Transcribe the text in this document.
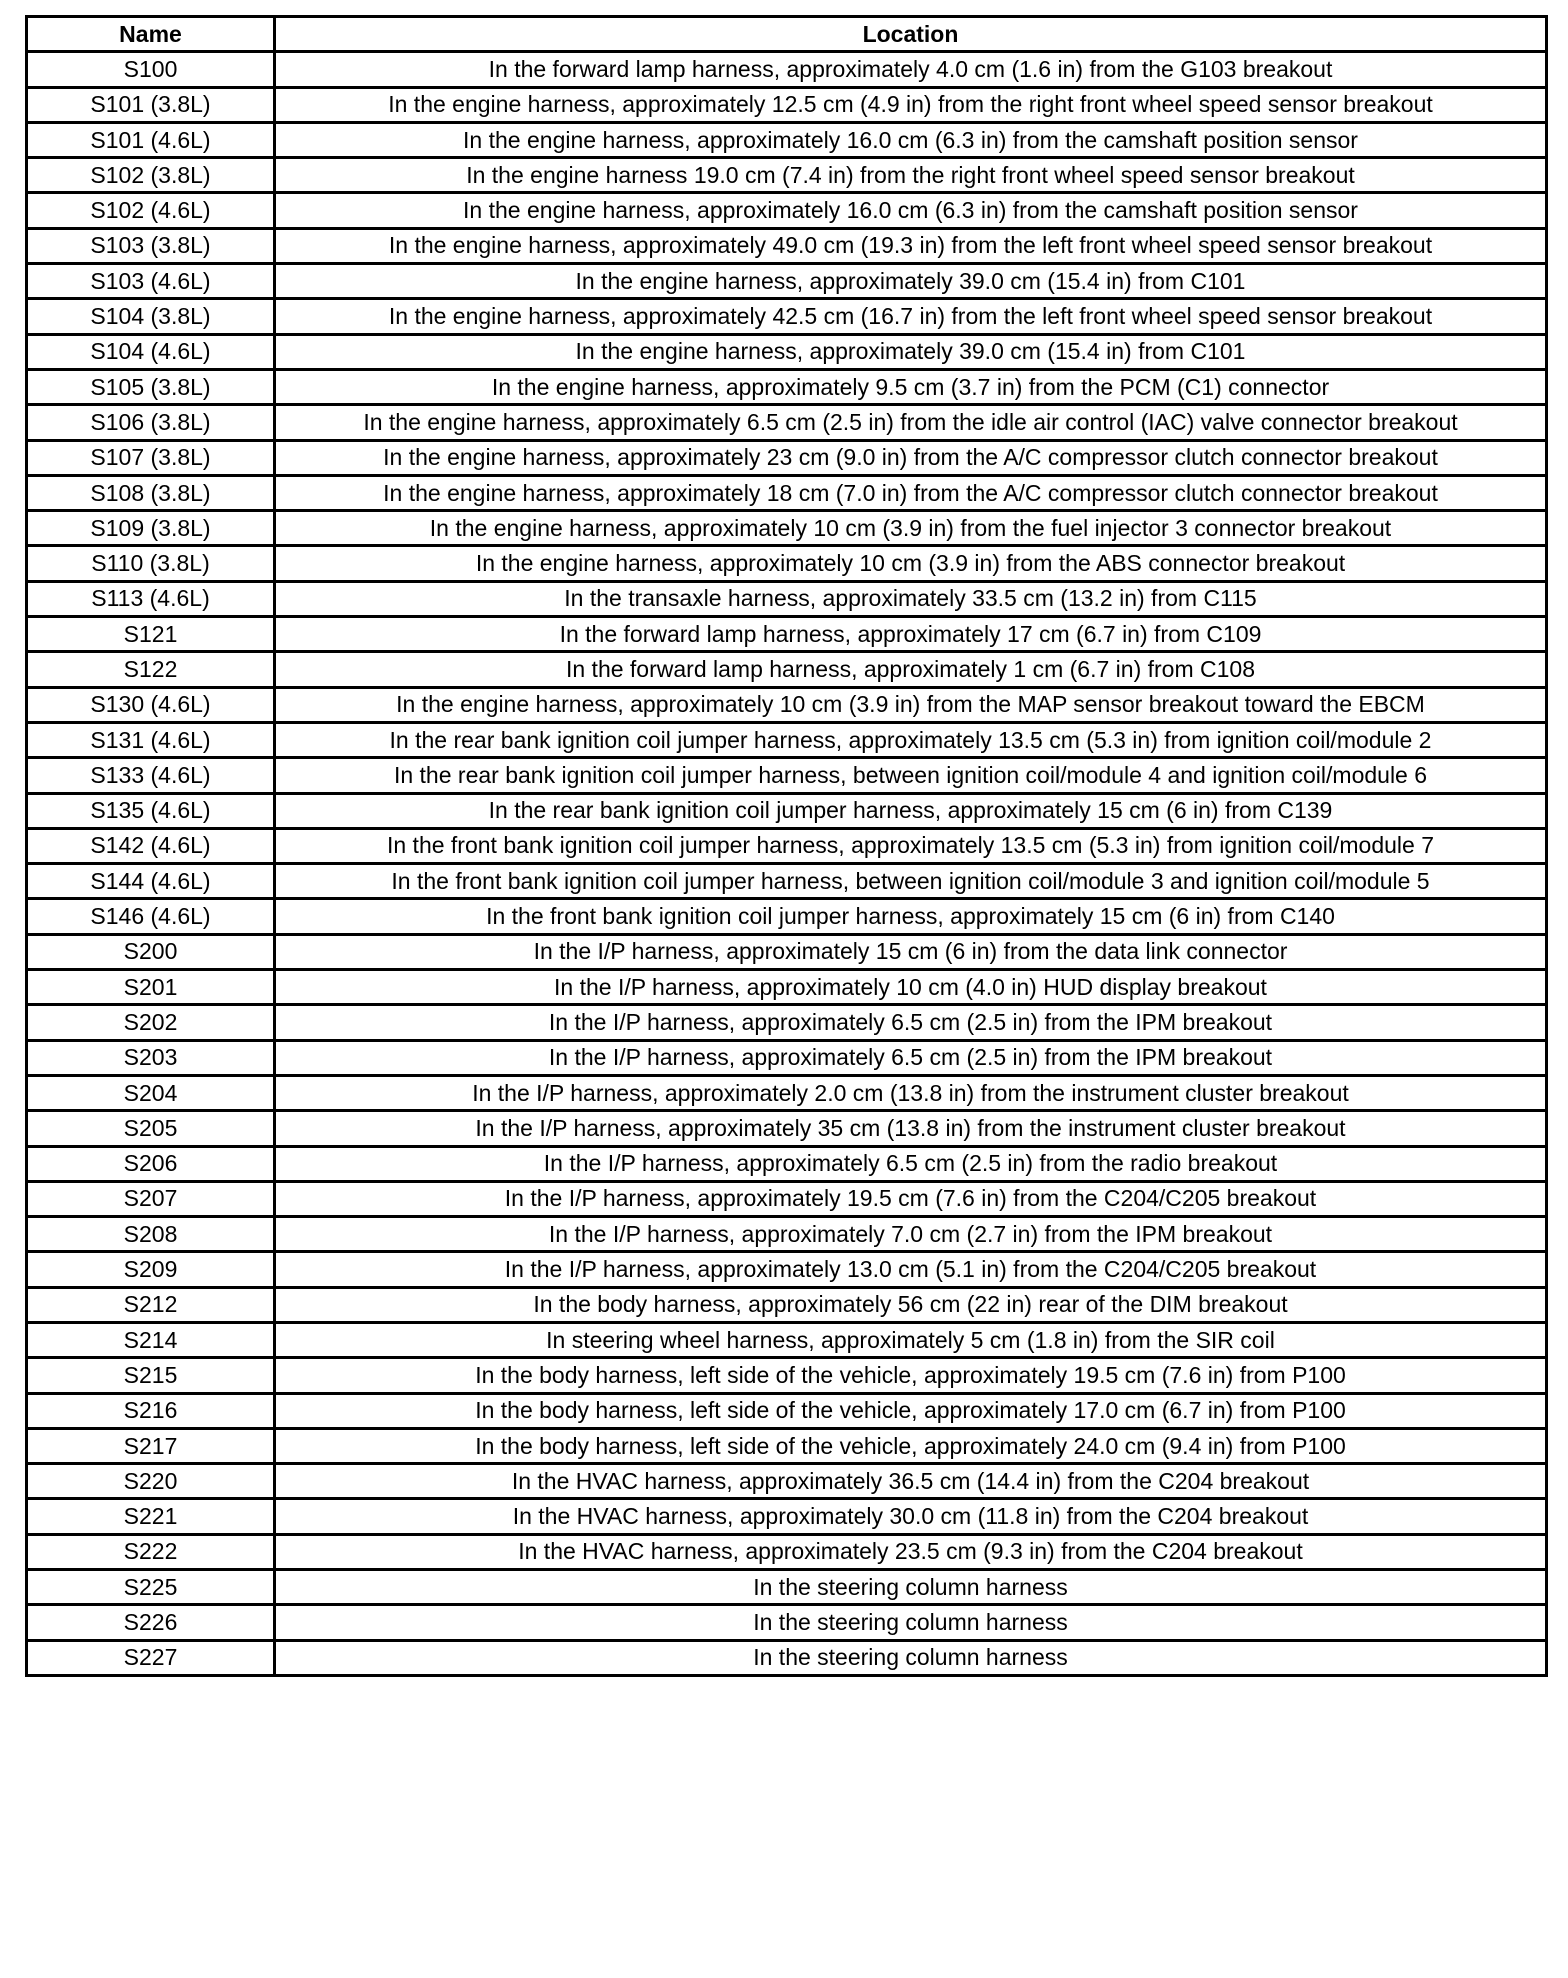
Name	Location
S100	In the forward lamp harness, approximately 4.0 cm (1.6 in) from the G103 breakout
S101 (3.8L)	In the engine harness, approximately 12.5 cm (4.9 in) from the right front wheel speed sensor breakout
S101 (4.6L)	In the engine harness, approximately 16.0 cm (6.3 in) from the camshaft position sensor
S102 (3.8L)	In the engine harness 19.0 cm (7.4 in) from the right front wheel speed sensor breakout
S102 (4.6L)	In the engine harness, approximately 16.0 cm (6.3 in) from the camshaft position sensor
S103 (3.8L)	In the engine harness, approximately 49.0 cm (19.3 in) from the left front wheel speed sensor breakout
S103 (4.6L)	In the engine harness, approximately 39.0 cm (15.4 in) from C101
S104 (3.8L)	In the engine harness, approximately 42.5 cm (16.7 in) from the left front wheel speed sensor breakout
S104 (4.6L)	In the engine harness, approximately 39.0 cm (15.4 in) from C101
S105 (3.8L)	In the engine harness, approximately 9.5 cm (3.7 in) from the PCM (C1) connector
S106 (3.8L)	In the engine harness, approximately 6.5 cm (2.5 in) from the idle air control (IAC) valve connector breakout
S107 (3.8L)	In the engine harness, approximately 23 cm (9.0 in) from the A/C compressor clutch connector breakout
S108 (3.8L)	In the engine harness, approximately 18 cm (7.0 in) from the A/C compressor clutch connector breakout
S109 (3.8L)	In the engine harness, approximately 10 cm (3.9 in) from the fuel injector 3 connector breakout
S110 (3.8L)	In the engine harness, approximately 10 cm (3.9 in) from the ABS connector breakout
S113 (4.6L)	In the transaxle harness, approximately 33.5 cm (13.2 in) from C115
S121	In the forward lamp harness, approximately 17 cm (6.7 in) from C109
S122	In the forward lamp harness, approximately 1 cm (6.7 in) from C108
S130 (4.6L)	In the engine harness, approximately 10 cm (3.9 in) from the MAP sensor breakout toward the EBCM
S131 (4.6L)	In the rear bank ignition coil jumper harness, approximately 13.5 cm (5.3 in) from ignition coil/module 2
S133 (4.6L)	In the rear bank ignition coil jumper harness, between ignition coil/module 4 and ignition coil/module 6
S135 (4.6L)	In the rear bank ignition coil jumper harness, approximately 15 cm (6 in) from C139
S142 (4.6L)	In the front bank ignition coil jumper harness, approximately 13.5 cm (5.3 in) from ignition coil/module 7
S144 (4.6L)	In the front bank ignition coil jumper harness, between ignition coil/module 3 and ignition coil/module 5
S146 (4.6L)	In the front bank ignition coil jumper harness, approximately 15 cm (6 in) from C140
S200	In the I/P harness, approximately 15 cm (6 in) from the data link connector
S201	In the I/P harness, approximately 10 cm (4.0 in) HUD display breakout
S202	In the I/P harness, approximately 6.5 cm (2.5 in) from the IPM breakout
S203	In the I/P harness, approximately 6.5 cm (2.5 in) from the IPM breakout
S204	In the I/P harness, approximately 2.0 cm (13.8 in) from the instrument cluster breakout
S205	In the I/P harness, approximately 35 cm (13.8 in) from the instrument cluster breakout
S206	In the I/P harness, approximately 6.5 cm (2.5 in) from the radio breakout
S207	In the I/P harness, approximately 19.5 cm (7.6 in) from the C204/C205 breakout
S208	In the I/P harness, approximately 7.0 cm (2.7 in) from the IPM breakout
S209	In the I/P harness, approximately 13.0 cm (5.1 in) from the C204/C205 breakout
S212	In the body harness, approximately 56 cm (22 in) rear of the DIM breakout
S214	In steering wheel harness, approximately 5 cm (1.8 in) from the SIR coil
S215	In the body harness, left side of the vehicle, approximately 19.5 cm (7.6 in) from P100
S216	In the body harness, left side of the vehicle, approximately 17.0 cm (6.7 in) from P100
S217	In the body harness, left side of the vehicle, approximately 24.0 cm (9.4 in) from P100
S220	In the HVAC harness, approximately 36.5 cm (14.4 in) from the C204 breakout
S221	In the HVAC harness, approximately 30.0 cm (11.8 in) from the C204 breakout
S222	In the HVAC harness, approximately 23.5 cm (9.3 in) from the C204 breakout
S225	In the steering column harness
S226	In the steering column harness
S227	In the steering column harness
